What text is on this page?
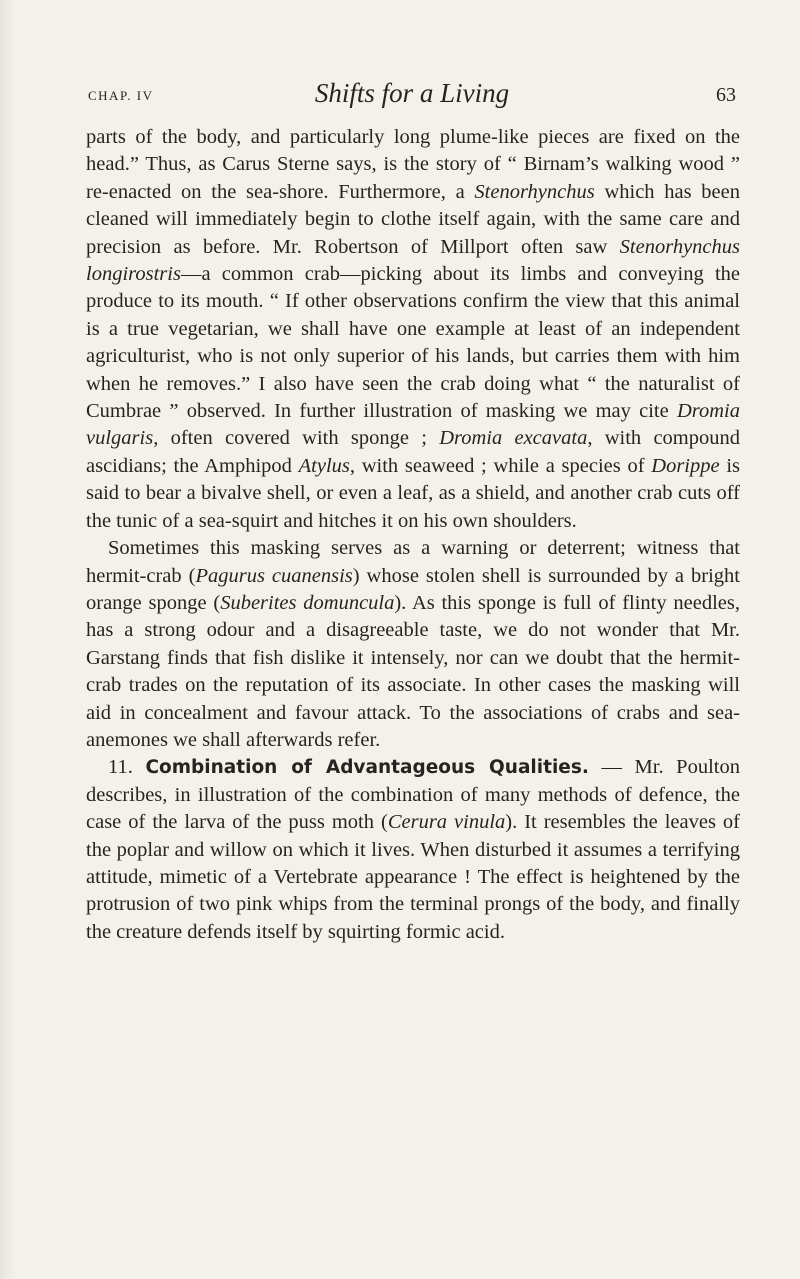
CHAP. IV	Shifts for a Living	63

parts of the body, and particularly long plume-like pieces are fixed on the head.” Thus, as Carus Sterne says, is the story of “ Birnam’s walking wood ” re-enacted on the sea-shore. Furthermore, a Stenorhynchus which has been cleaned will immediately begin to clothe itself again, with the same care and precision as before. Mr. Robertson of Millport often saw Stenorhynchus longirostris—a common crab—picking about its limbs and conveying the produce to its mouth. “ If other observations confirm the view that this animal is a true vegetarian, we shall have one example at least of an independent agriculturist, who is not only superior of his lands, but carries them with him when he removes.” I also have seen the crab doing what “ the naturalist of Cumbrae ” observed. In further illustration of masking we may cite Dromia vulgaris, often covered with sponge ; Dromia excavata, with compound ascidians; the Amphipod Atylus, with seaweed ; while a species of Dorippe is said to bear a bivalve shell, or even a leaf, as a shield, and another crab cuts off the tunic of a sea-squirt and hitches it on his own shoulders.

Sometimes this masking serves as a warning or deterrent; witness that hermit-crab (Pagurus cuanensis) whose stolen shell is surrounded by a bright orange sponge (Suberites domuncula). As this sponge is full of flinty needles, has a strong odour and a disagreeable taste, we do not wonder that Mr. Garstang finds that fish dislike it intensely, nor can we doubt that the hermit-crab trades on the reputation of its associate. In other cases the masking will aid in concealment and favour attack. To the associations of crabs and sea-anemones we shall afterwards refer.

11. Combination of Advantageous Qualities. — Mr. Poulton describes, in illustration of the combination of many methods of defence, the case of the larva of the puss moth (Cerura vinula). It resembles the leaves of the poplar and willow on which it lives. When disturbed it assumes a terrifying attitude, mimetic of a Vertebrate appearance ! The effect is heightened by the protrusion of two pink whips from the terminal prongs of the body, and finally the creature defends itself by squirting formic acid.
